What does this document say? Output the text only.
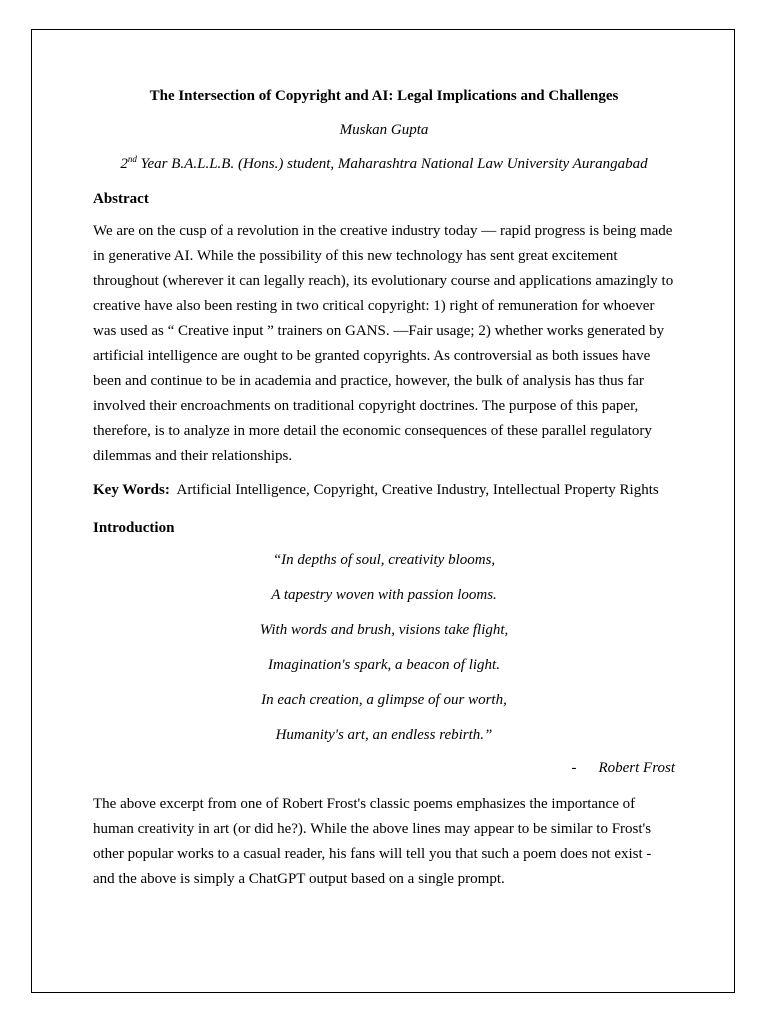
The Intersection of Copyright and AI: Legal Implications and Challenges

Muskan Gupta

2nd Year B.A.L.L.B. (Hons.) student, Maharashtra National Law University Aurangabad

Abstract

We are on the cusp of a revolution in the creative industry today — rapid progress is being made in generative AI. While the possibility of this new technology has sent great excitement throughout (wherever it can legally reach), its evolutionary course and applications amazingly to creative have also been resting in two critical copyright: 1) right of remuneration for whoever was used as “ Creative input ” trainers on GANS. —Fair usage; 2) whether works generated by artificial intelligence are ought to be granted copyrights. As controversial as both issues have been and continue to be in academia and practice, however, the bulk of analysis has thus far involved their encroachments on traditional copyright doctrines. The purpose of this paper, therefore, is to analyze in more detail the economic consequences of these parallel regulatory dilemmas and their relationships.

Key Words: Artificial Intelligence, Copyright, Creative Industry, Intellectual Property Rights

Introduction

“In depths of soul, creativity blooms,
A tapestry woven with passion looms.
With words and brush, visions take flight,
Imagination's spark, a beacon of light.
In each creation, a glimpse of our worth,
Humanity's art, an endless rebirth.”
- Robert Frost

The above excerpt from one of Robert Frost's classic poems emphasizes the importance of human creativity in art (or did he?). While the above lines may appear to be similar to Frost's other popular works to a casual reader, his fans will tell you that such a poem does not exist - and the above is simply a ChatGPT output based on a single prompt.
